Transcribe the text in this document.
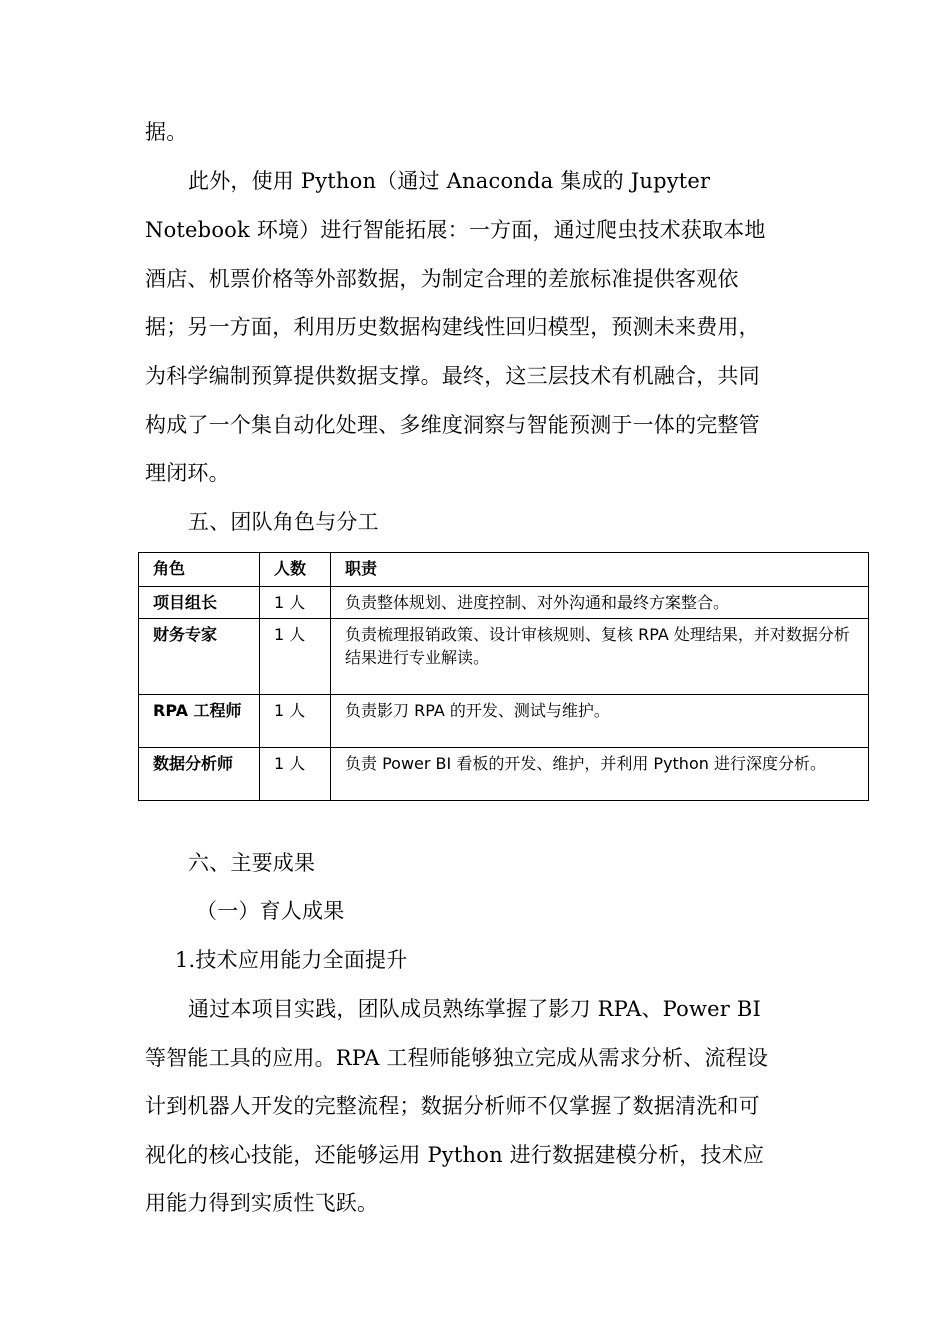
据。
此外，使用 Python（通过 Anaconda 集成的 Jupyter
Notebook 环境）进行智能拓展：一方面，通过爬虫技术获取本地
酒店、机票价格等外部数据，为制定合理的差旅标准提供客观依
据；另一方面，利用历史数据构建线性回归模型，预测未来费用，
为科学编制预算提供数据支撑。最终，这三层技术有机融合，共同
构成了一个集自动化处理、多维度洞察与智能预测于一体的完整管
理闭环。
五、团队角色与分工
角色	人数	职责
项目组长	1 人	负责整体规划、进度控制、对外沟通和最终方案整合。
财务专家	1 人	负责梳理报销政策、设计审核规则、复核 RPA 处理结果，并对数据分析结果进行专业解读。
RPA 工程师	1 人	负责影刀 RPA 的开发、测试与维护。
数据分析师	1 人	负责 Power BI 看板的开发、维护，并利用 Python 进行深度分析。
六、主要成果
（一）育人成果
1.技术应用能力全面提升
通过本项目实践，团队成员熟练掌握了影刀 RPA、Power BI
等智能工具的应用。RPA 工程师能够独立完成从需求分析、流程设
计到机器人开发的完整流程；数据分析师不仅掌握了数据清洗和可
视化的核心技能，还能够运用 Python 进行数据建模分析，技术应
用能力得到实质性飞跃。
